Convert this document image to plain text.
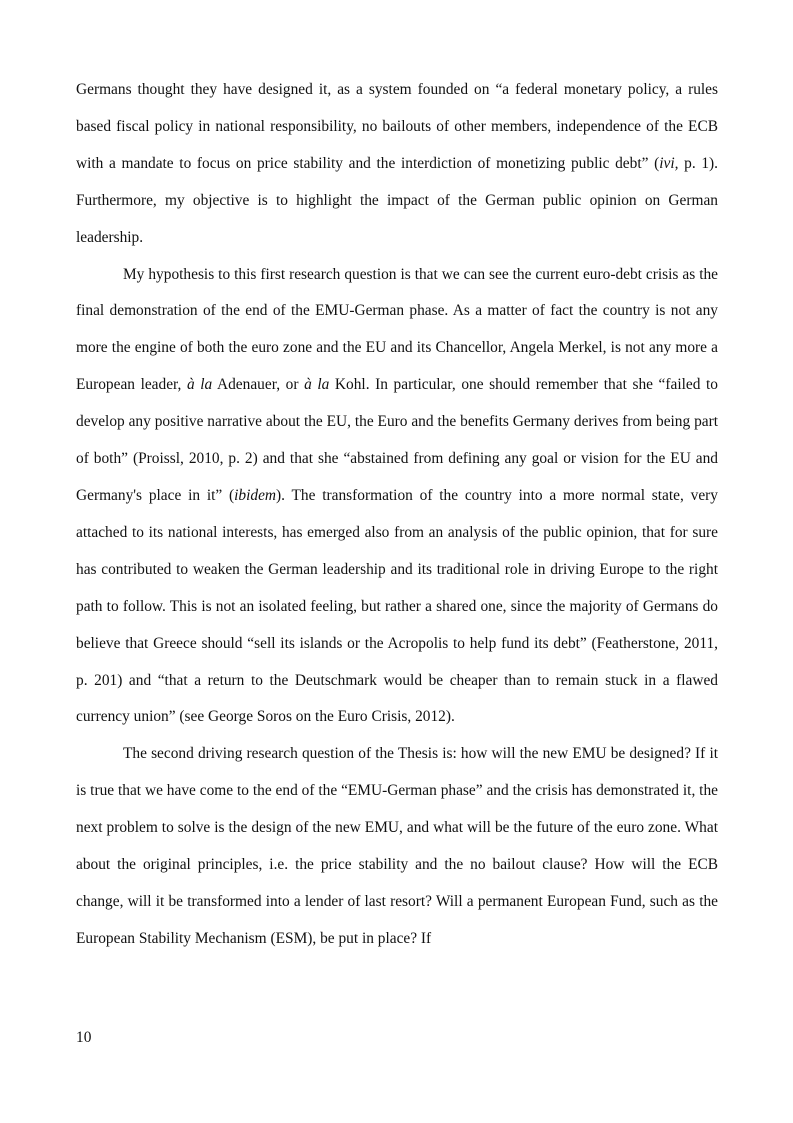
Germans thought they have designed it, as a system founded on “a federal monetary policy, a rules based fiscal policy in national responsibility, no bailouts of other members, independence of the ECB with a mandate to focus on price stability and the interdiction of monetizing public debt” (ivi, p. 1). Furthermore, my objective is to highlight the impact of the German public opinion on German leadership.

My hypothesis to this first research question is that we can see the current euro-debt crisis as the final demonstration of the end of the EMU-German phase. As a matter of fact the country is not any more the engine of both the euro zone and the EU and its Chancellor, Angela Merkel, is not any more a European leader, à la Adenauer, or à la Kohl. In particular, one should remember that she “failed to develop any positive narrative about the EU, the Euro and the benefits Germany derives from being part of both” (Proissl, 2010, p. 2) and that she “abstained from defining any goal or vision for the EU and Germany's place in it” (ibidem). The transformation of the country into a more normal state, very attached to its national interests, has emerged also from an analysis of the public opinion, that for sure has contributed to weaken the German leadership and its traditional role in driving Europe to the right path to follow. This is not an isolated feeling, but rather a shared one, since the majority of Germans do believe that Greece should “sell its islands or the Acropolis to help fund its debt” (Featherstone, 2011, p. 201) and “that a return to the Deutschmark would be cheaper than to remain stuck in a flawed currency union” (see George Soros on the Euro Crisis, 2012).

The second driving research question of the Thesis is: how will the new EMU be designed? If it is true that we have come to the end of the “EMU-German phase” and the crisis has demonstrated it, the next problem to solve is the design of the new EMU, and what will be the future of the euro zone. What about the original principles, i.e. the price stability and the no bailout clause? How will the ECB change, will it be transformed into a lender of last resort? Will a permanent European Fund, such as the European Stability Mechanism (ESM), be put in place? If

10
